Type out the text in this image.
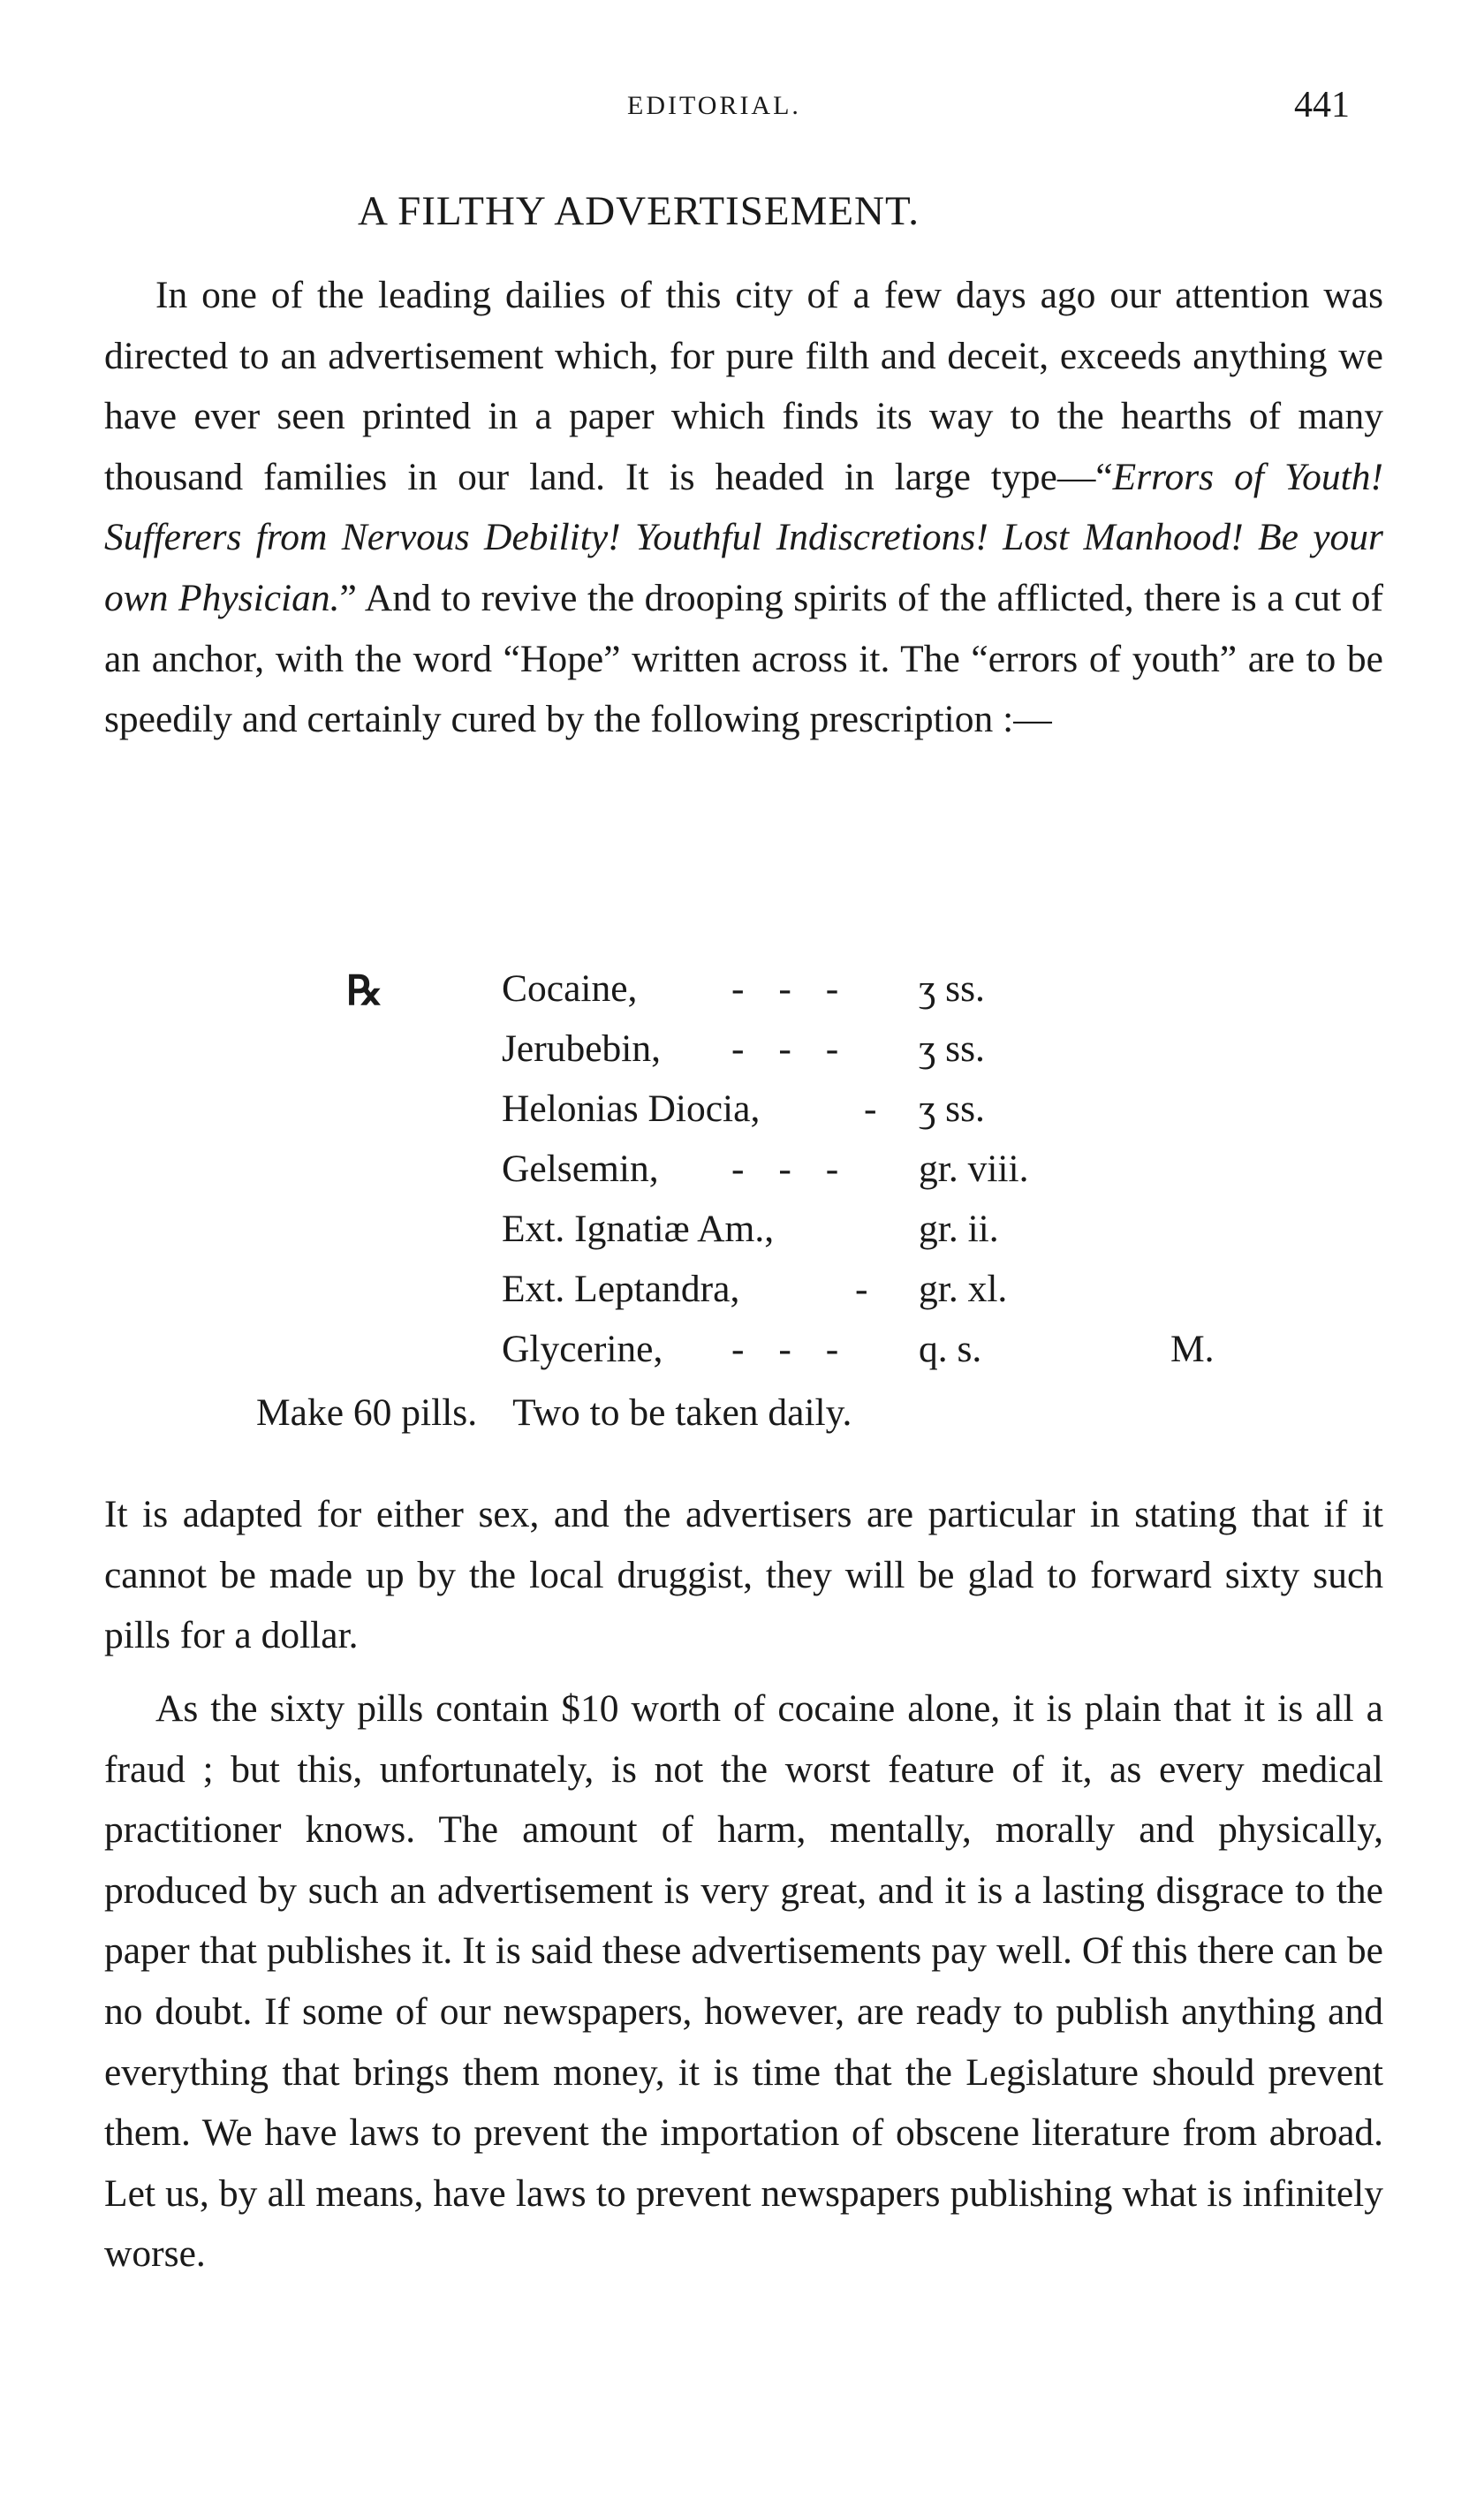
EDITORIAL.	441
A FILTHY ADVERTISEMENT.

In one of the leading dailies of this city of a few days ago our attention was directed to an advertisement which, for pure filth and deceit, exceeds anything we have ever seen printed in a paper which finds its way to the hearths of many thousand families in our land. It is headed in large type—“Errors of Youth! Sufferers from Nervous Debility! Youthful Indiscretions! Lost Manhood! Be your own Physician.” And to revive the drooping spirits of the afflicted, there is a cut of an anchor, with the word “Hope” written across it. The “errors of youth” are to be speedily and certainly cured by the following prescription :—

℞	Cocaine, - - - ʒ ss.
Jerubebin, - - - ʒ ss.
Helonias Diocia,	- ʒ ss.
Gelsemin, - - - gr. viii.
Ext. Ignatiæ Am.,	gr. ii.
Ext. Leptandra,	- gr. xl.
Glycerine, - - - q. s.	M.
Make 60 pills. Two to be taken daily.

It is adapted for either sex, and the advertisers are particular in stating that if it cannot be made up by the local druggist, they will be glad to forward sixty such pills for a dollar.

As the sixty pills contain $10 worth of cocaine alone, it is plain that it is all a fraud ; but this, unfortunately, is not the worst feature of it, as every medical practitioner knows. The amount of harm, mentally, morally and physically, produced by such an advertisement is very great, and it is a lasting disgrace to the paper that publishes it. It is said these advertisements pay well. Of this there can be no doubt. If some of our newspapers, however, are ready to publish anything and everything that brings them money, it is time that the Legislature should prevent them. We have laws to prevent the importation of obscene literature from abroad. Let us, by all means, have laws to prevent newspapers publishing what is infinitely worse.
